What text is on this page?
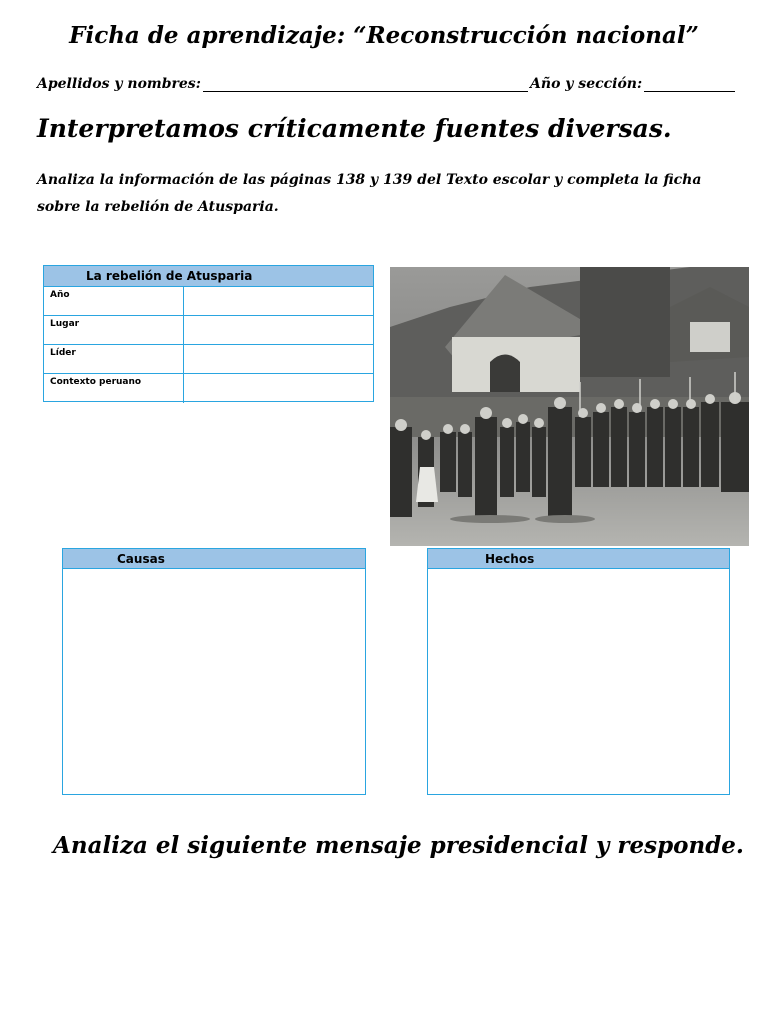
Ficha de aprendizaje: “Reconstrucción nacional”
Apellidos y nombres:	Año y sección:
Interpretamos críticamente fuentes diversas.
Analiza la información de las páginas 138 y 139 del Texto escolar y completa la ficha sobre la rebelión de Atusparia.
La rebelión de Atusparia
Año
Lugar
Líder
Contexto peruano
Causas	Hechos
Analiza el siguiente mensaje presidencial y responde.
